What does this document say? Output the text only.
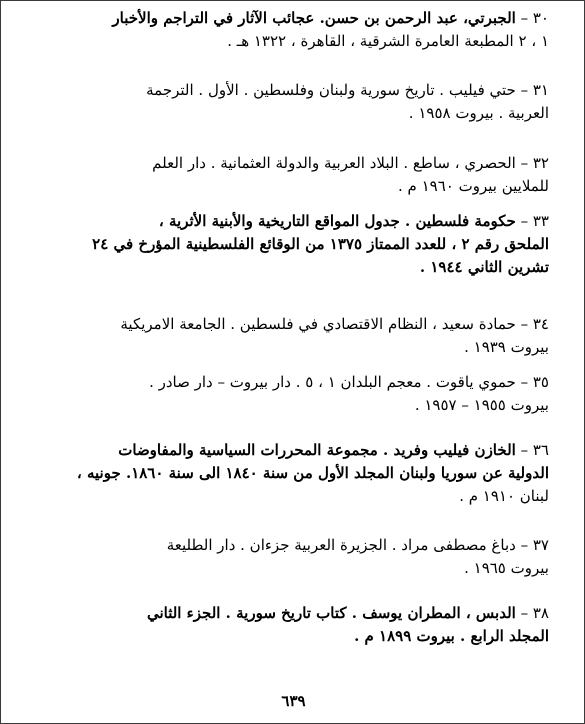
٣٠ – الجبرتي، عبد الرحمن بن حسن. عجائب الآثار في التراجم والأخبار
١ ، ٢ المطبعة العامرة الشرقية ، القاهرة ، ١٣٢٢ هـ .

٣١ – حتي فيليب . تاريخ سورية ولبنان وفلسطين . الأول . الترجمة
العربية . بيروت ١٩٥٨ .

٣٢ – الحصري ، ساطع . البلاد العربية والدولة العثمانية . دار العلم
للملايين بيروت ١٩٦٠ م .

٣٣ – حكومة فلسطين . جدول المواقع التاريخية والأبنية الأثرية ،
الملحق رقم ٢ ، للعدد الممتاز ١٣٧٥ من الوقائع الفلسطينية المؤرخ في ٢٤
تشرين الثاني ١٩٤٤ .

٣٤ – حمادة سعيد ، النظام الاقتصادي في فلسطين . الجامعة الامريكية
بيروت ١٩٣٩ .

٣٥ – حموي ياقوت . معجم البلدان ١ ، ٥ . دار بيروت – دار صادر .
بيروت ١٩٥٥ – ١٩٥٧ .

٣٦ – الخازن فيليب وفريد . مجموعة المحررات السياسية والمفاوضات
الدولية عن سوريا ولبنان المجلد الأول من سنة ١٨٤٠ الى سنة ١٨٦٠. جونيه ،
لبنان ١٩١٠ م .

٣٧ – دباغ مصطفى مراد . الجزيرة العربية جزءان . دار الطليعة
بيروت ١٩٦٥ .

٣٨ – الدبس ، المطران يوسف . كتاب تاريخ سورية . الجزء الثاني
المجلد الرابع . بيروت ١٨٩٩ م .

٦٣٩
